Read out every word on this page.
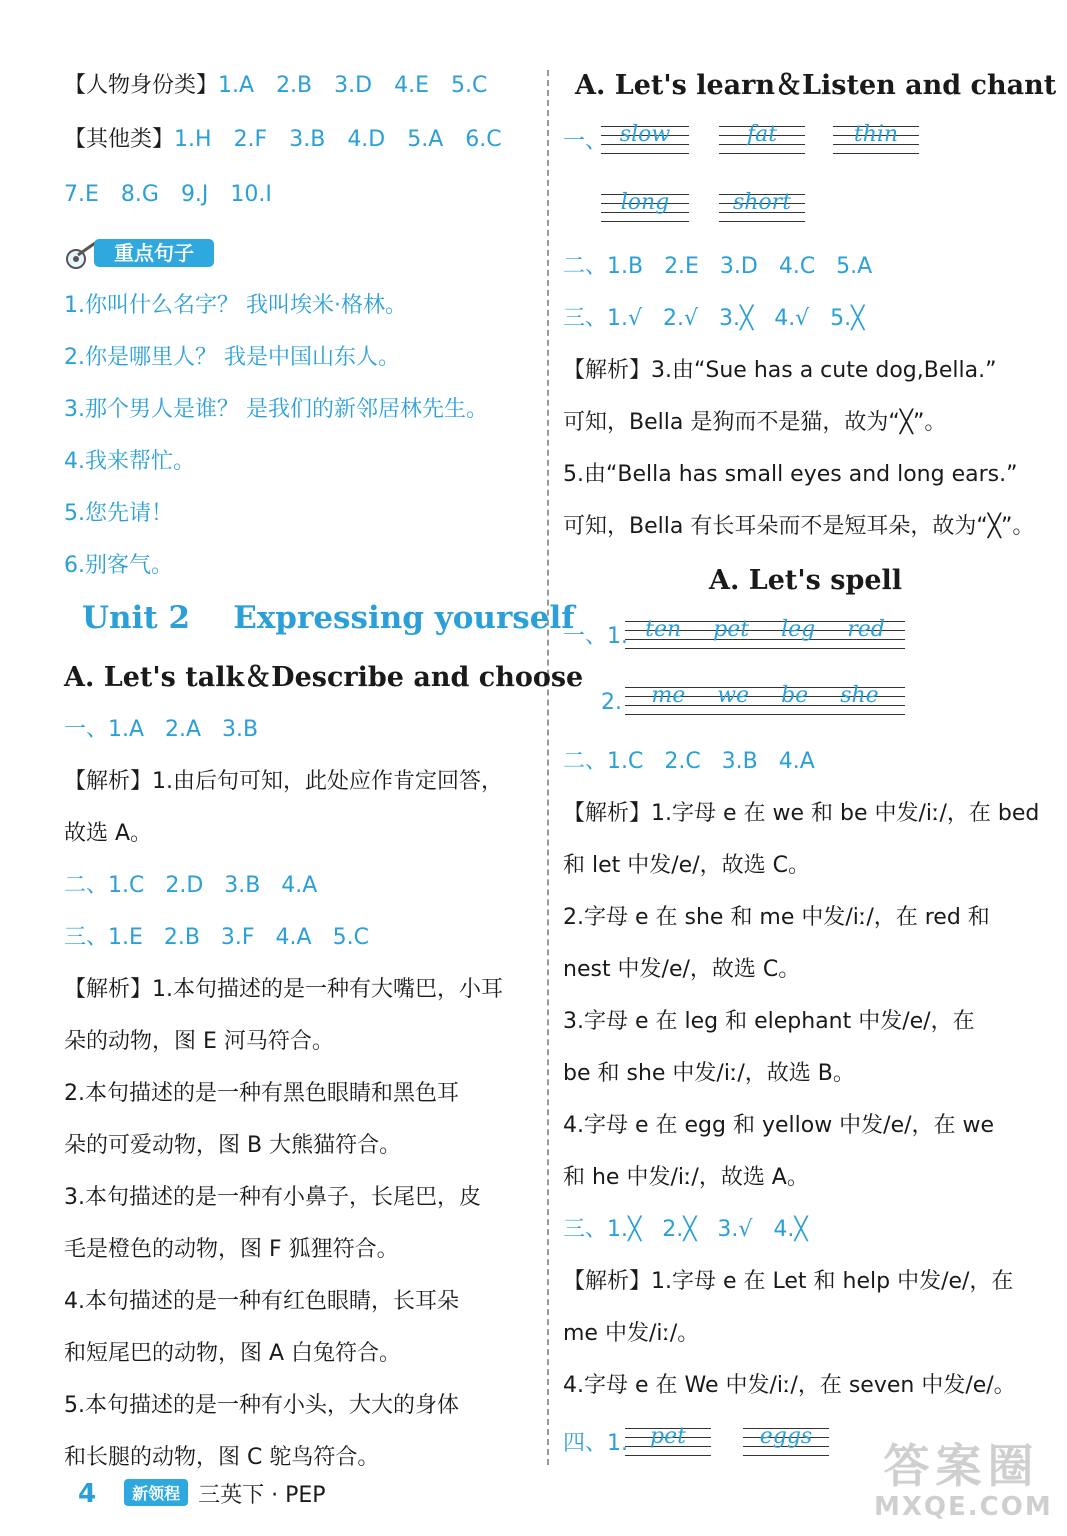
【人物身份类】1.A 2.B 3.D 4.E 5.C
【其他类】1.H 2.F 3.B 4.D 5.A 6.C
7.E 8.G 9.J 10.I
重点句子
1.你叫什么名字？ 我叫埃米·格林。
2.你是哪里人？ 我是中国山东人。
3.那个男人是谁？ 是我们的新邻居林先生。
4.我来帮忙。
5.您先请！
6.别客气。
Unit 2    Expressing yourself
A. Let's talk＆Describe and choose
一、1.A   2.A   3.B
【解析】1.由后句可知，此处应作肯定回答，
故选 A。
二、1.C   2.D   3.B   4.A
三、1.E   2.B   3.F   4.A   5.C
【解析】1.本句描述的是一种有大嘴巴，小耳
朵的动物，图 E 河马符合。
2.本句描述的是一种有黑色眼睛和黑色耳
朵的可爱动物，图 B 大熊猫符合。
3.本句描述的是一种有小鼻子，长尾巴，皮
毛是橙色的动物，图 F 狐狸符合。
4.本句描述的是一种有红色眼睛，长耳朵
和短尾巴的动物，图 A 白兔符合。
5.本句描述的是一种有小头，大大的身体
和长腿的动物，图 C 鸵鸟符合。
A. Let's learn＆Listen and chant
一、 slow	fat	thin
long	short
二、1.B   2.E   3.D   4.C   5.A
三、1.√   2.√   3.╳   4.√   5.╳
【解析】3.由“Sue has a cute dog,Bella.”
可知，Bella 是狗而不是猫，故为“╳”。
5.由“Bella has small eyes and long ears.”
可知，Bella 有长耳朵而不是短耳朵，故为“╳”。
A. Let's spell
一、1. ten pet leg red
2.	me we be she
二、1.C   2.C   3.B   4.A
【解析】1.字母 e 在 we 和 be 中发/iː/，在 bed
和 let 中发/e/，故选 C。
2.字母 e 在 she 和 me 中发/iː/，在 red 和
nest 中发/e/，故选 C。
3.字母 e 在 leg 和 elephant 中发/e/，在
be 和 she 中发/iː/，故选 B。
4.字母 e 在 egg 和 yellow 中发/e/，在 we
和 he 中发/iː/，故选 A。
三、1.╳   2.╳   3.√   4.╳
【解析】1.字母 e 在 Let 和 help 中发/e/，在
me 中发/iː/。
4.字母 e 在 We 中发/iː/，在 seven 中发/e/。
四、1.	pet	eggs
4 新领程 三英下 · PEP
答案圈
MXQE.COM
